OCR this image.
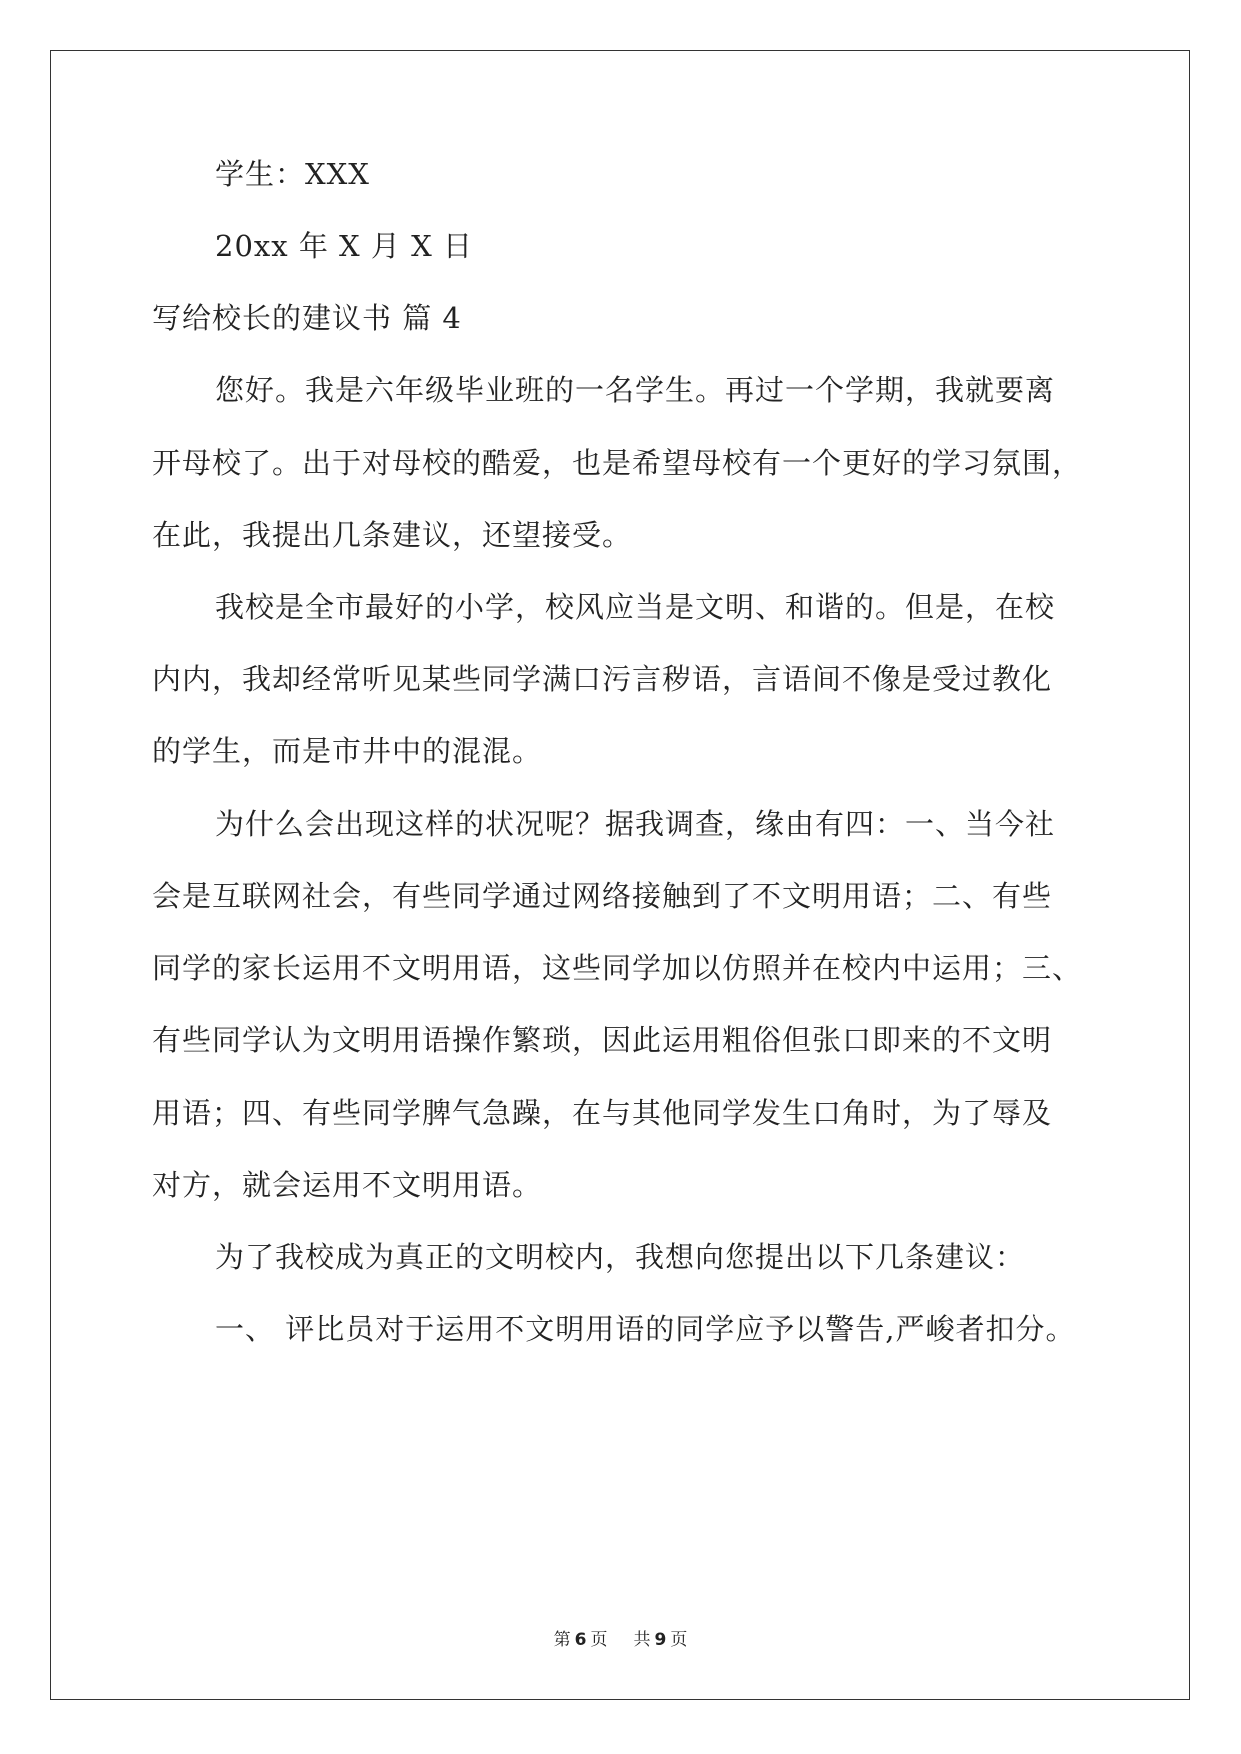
学生：XXX
20xx 年 X 月 X 日
写给校长的建议书 篇 4
您好。我是六年级毕业班的一名学生。再过一个学期，我就要离
开母校了。出于对母校的酷爱，也是希望母校有一个更好的学习氛围，
在此，我提出几条建议，还望接受。
我校是全市最好的小学，校风应当是文明、和谐的。但是，在校
内内，我却经常听见某些同学满口污言秽语，言语间不像是受过教化
的学生，而是市井中的混混。
为什么会出现这样的状况呢？据我调查，缘由有四：一、当今社
会是互联网社会，有些同学通过网络接触到了不文明用语；二、有些
同学的家长运用不文明用语，这些同学加以仿照并在校内中运用；三、
有些同学认为文明用语操作繁琐，因此运用粗俗但张口即来的不文明
用语；四、有些同学脾气急躁，在与其他同学发生口角时，为了辱及
对方，就会运用不文明用语。
为了我校成为真正的文明校内，我想向您提出以下几条建议：
一、 评比员对于运用不文明用语的同学应予以警告,严峻者扣分。
第 6 页 共 9 页
